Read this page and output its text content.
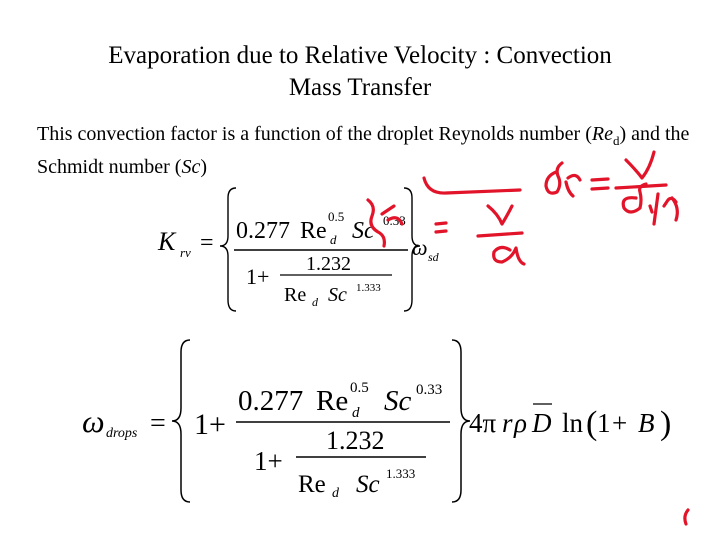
Evaporation due to Relative Velocity : Convection
Mass Transfer
This convection factor is a function of the droplet Reynolds number $(Re_d)$ and the Schmidt number (Sc)
K rv = 0.277 Re
0.5
d Sc 0.33
1+ 1.232
Re d Sc 1.333
ω sd
ω drops = 1+
0.277 Re 0.5
d Sc 0.33
1+
1.232
Re d Sc 1.333
4π r ρ D ln ( 1 + B )
